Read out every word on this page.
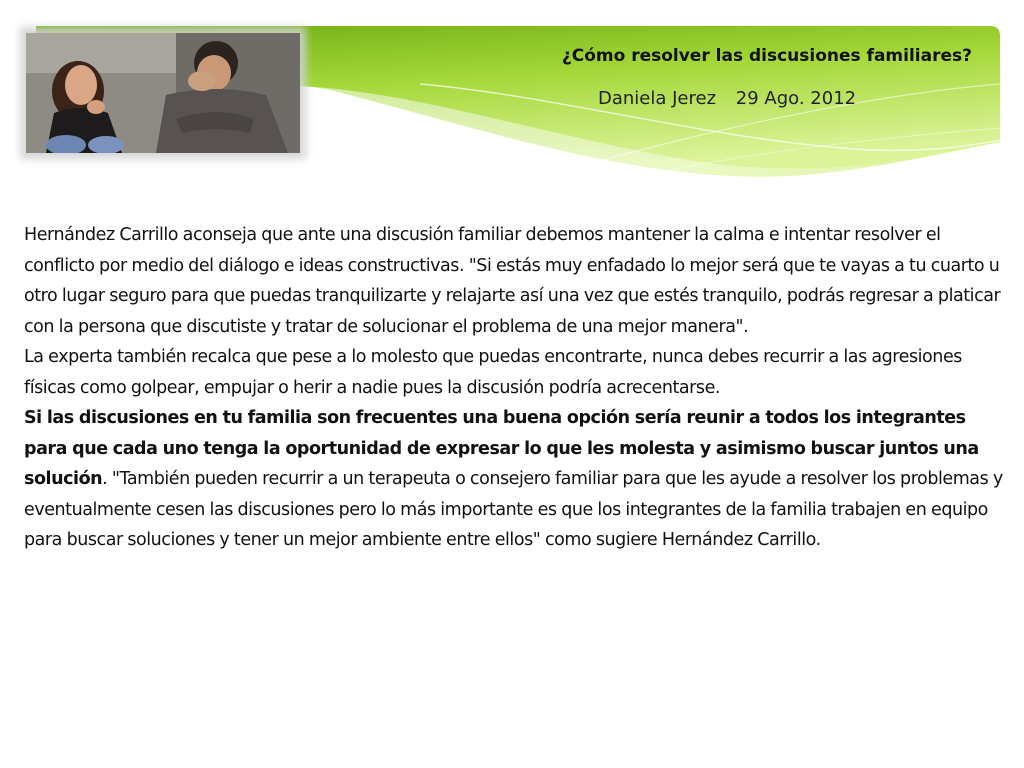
¿Cómo resolver las discusiones familiares?
Daniela Jerez 29 Ago. 2012

Hernández Carrillo aconseja que ante una discusión familiar debemos mantener la calma e intentar resolver el conflicto por medio del diálogo e ideas constructivas. "Si estás muy enfadado lo mejor será que te vayas a tu cuarto u otro lugar seguro para que puedas tranquilizarte y relajarte así una vez que estés tranquilo, podrás regresar a platicar con la persona que discutiste y tratar de solucionar el problema de una mejor manera".

La experta también recalca que pese a lo molesto que puedas encontrarte, nunca debes recurrir a las agresiones físicas como golpear, empujar o herir a nadie pues la discusión podría acrecentarse.

Si las discusiones en tu familia son frecuentes una buena opción sería reunir a todos los integrantes para que cada uno tenga la oportunidad de expresar lo que les molesta y asimismo buscar juntos una solución. "También pueden recurrir a un terapeuta o consejero familiar para que les ayude a resolver los problemas y eventualmente cesen las discusiones pero lo más importante es que los integrantes de la familia trabajen en equipo para buscar soluciones y tener un mejor ambiente entre ellos" como sugiere Hernández Carrillo.
